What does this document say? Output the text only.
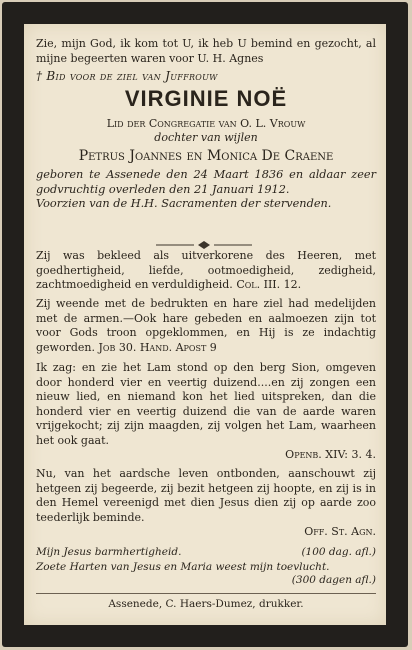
Zie, mijn God, ik kom tot U, ik heb U bemind en gezocht, al mijne begeerten waren voor U. H. Agnes
† Bid voor de ziel van Juffrouw
VIRGINIE NOË
Lid der Congregatie van O. L. Vrouw
dochter van wijlen
Petrus Joannes en Monica De Craene
geboren te Assenede den 24 Maart 1836 en aldaar zeer godvruchtig overleden den 21 Januari 1912.
Voorzien van de H.H. Sacramenten der stervenden.
Zij was bekleed als uitverkorene des Heeren, met goedhertigheid, liefde, ootmoedigheid, zedigheid, zachtmoedigheid en verduldigheid. Col. III. 12.
Zij weende met de bedrukten en hare ziel had medelijden met de armen.—Ook hare gebeden en aalmoezen zijn tot voor Gods troon opgeklommen, en Hij is ze indachtig geworden. Job 30. Hand. Apost 9
Ik zag: en zie het Lam stond op den berg Sion, omgeven door honderd vier en veertig duizend....en zij zongen een nieuw lied, en niemand kon het lied uitspreken, dan die honderd vier en veertig duizend die van de aarde waren vrijgekocht; zij zijn maagden, zij volgen het Lam, waarheen het ook gaat.
Openb. XIV: 3. 4.
Nu, van het aardsche leven ontbonden, aanschouwt zij hetgeen zij begeerde, zij bezit hetgeen zij hoopte, en zij is in den Hemel vereenigd met dien Jesus dien zij op aarde zoo teederlijk beminde.
Off. St. Agn.
Mijn Jesus barmhertigheid.	(100 dag. afl.)
Zoete Harten van Jesus en Maria weest mijn toevlucht.
(300 dagen afl.)
Assenede, C. Haers-Dumez, drukker.
